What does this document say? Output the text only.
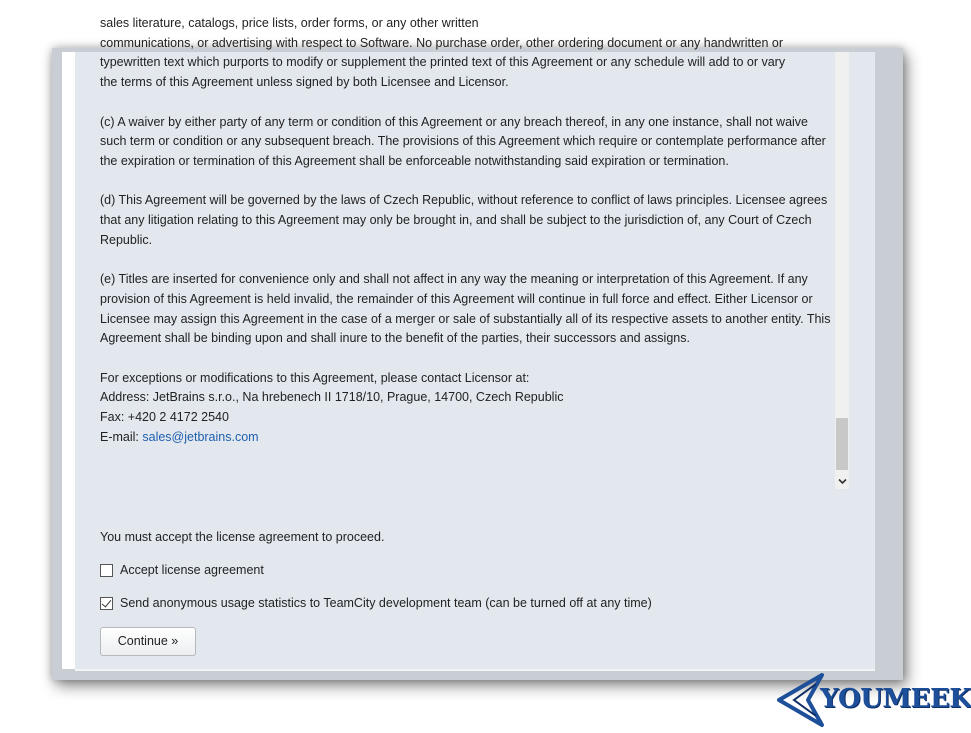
sales literature, catalogs, price lists, order forms, or any other written
communications, or advertising with respect to Software. No purchase order, other ordering document or any handwritten or
typewritten text which purports to modify or supplement the printed text of this Agreement or any schedule will add to or vary
the terms of this Agreement unless signed by both Licensee and Licensor.

(c) A waiver by either party of any term or condition of this Agreement or any breach thereof, in any one instance, shall not waive such term or condition or any subsequent breach. The provisions of this Agreement which require or contemplate performance after the expiration or termination of this Agreement shall be enforceable notwithstanding said expiration or termination.

(d) This Agreement will be governed by the laws of Czech Republic, without reference to conflict of laws principles. Licensee agrees that any litigation relating to this Agreement may only be brought in, and shall be subject to the jurisdiction of, any Court of Czech Republic.

(e) Titles are inserted for convenience only and shall not affect in any way the meaning or interpretation of this Agreement. If any provision of this Agreement is held invalid, the remainder of this Agreement will continue in full force and effect. Either Licensor or Licensee may assign this Agreement in the case of a merger or sale of substantially all of its respective assets to another entity. This Agreement shall be binding upon and shall inure to the benefit of the parties, their successors and assigns.

For exceptions or modifications to this Agreement, please contact Licensor at:

Address: JetBrains s.r.o., Na hrebenech II 1718/10, Prague, 14700, Czech Republic

Fax: +420 2 4172 2540

E-mail: sales@jetbrains.com

You must accept the license agreement to proceed.
Accept license agreement
Send anonymous usage statistics to TeamCity development team (can be turned off at any time)
Continue »
YOUMEEK
